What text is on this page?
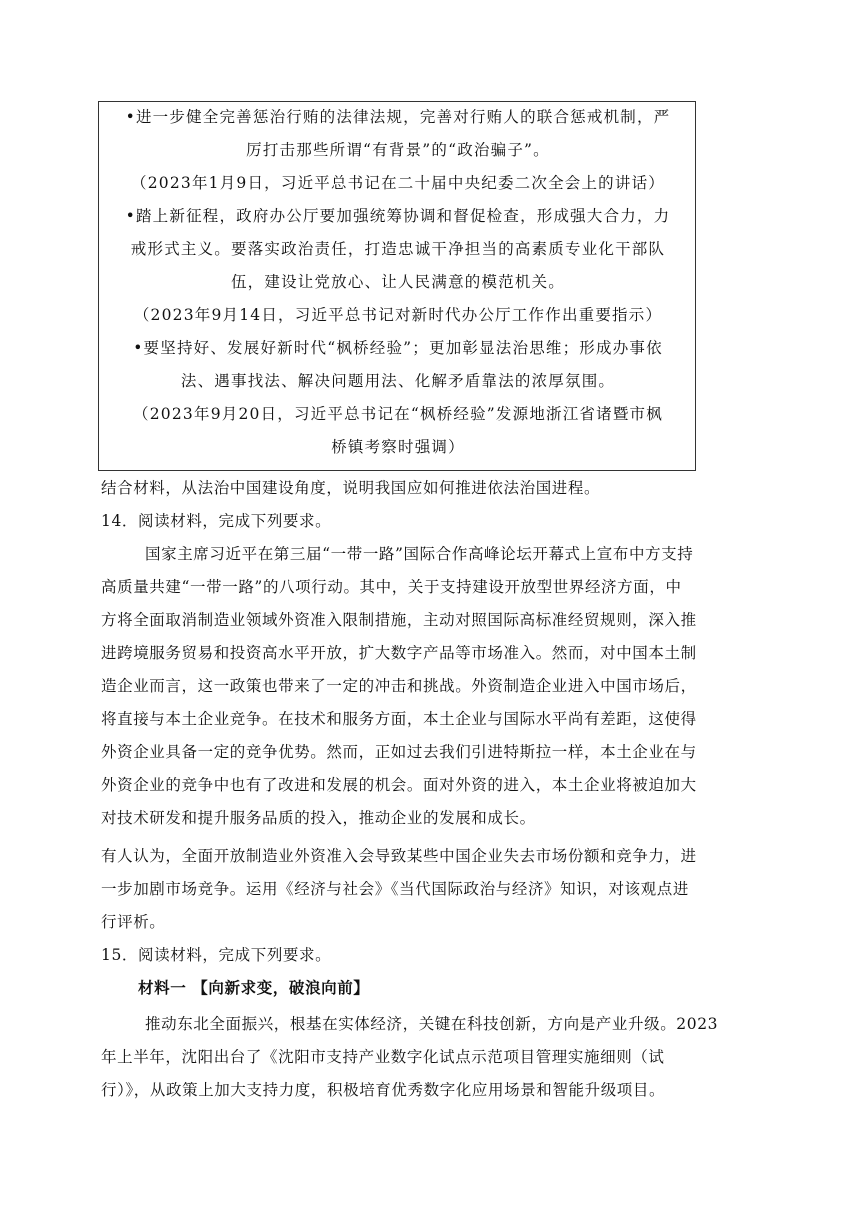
•进一步健全完善惩治行贿的法律法规，完善对行贿人的联合惩戒机制，严
厉打击那些所谓“有背景”的“政治骗子”。
（2023年1月9日，习近平总书记在二十届中央纪委二次全会上的讲话）
•踏上新征程，政府办公厅要加强统筹协调和督促检查，形成强大合力，力
戒形式主义。要落实政治责任，打造忠诚干净担当的高素质专业化干部队
伍，建设让党放心、让人民满意的模范机关。
（2023年9月14日，习近平总书记对新时代办公厅工作作出重要指示）
•要坚持好、发展好新时代“枫桥经验”；更加彰显法治思维；形成办事依
法、遇事找法、解决问题用法、化解矛盾靠法的浓厚氛围。
（2023年9月20日，习近平总书记在“枫桥经验”发源地浙江省诸暨市枫
桥镇考察时强调）
结合材料，从法治中国建设角度，说明我国应如何推进依法治国进程。
14．阅读材料，完成下列要求。
国家主席习近平在第三届“一带一路”国际合作高峰论坛开幕式上宣布中方支持
高质量共建“一带一路”的八项行动。其中，关于支持建设开放型世界经济方面，中
方将全面取消制造业领域外资准入限制措施，主动对照国际高标准经贸规则，深入推
进跨境服务贸易和投资高水平开放，扩大数字产品等市场准入。然而，对中国本土制
造企业而言，这一政策也带来了一定的冲击和挑战。外资制造企业进入中国市场后，
将直接与本土企业竞争。在技术和服务方面，本土企业与国际水平尚有差距，这使得
外资企业具备一定的竞争优势。然而，正如过去我们引进特斯拉一样，本土企业在与
外资企业的竞争中也有了改进和发展的机会。面对外资的进入，本土企业将被迫加大
对技术研发和提升服务品质的投入，推动企业的发展和成长。
有人认为，全面开放制造业外资准入会导致某些中国企业失去市场份额和竞争力，进
一步加剧市场竞争。运用《经济与社会》《当代国际政治与经济》知识，对该观点进
行评析。
15．阅读材料，完成下列要求。
材料一 【向新求变，破浪向前】
推动东北全面振兴，根基在实体经济，关键在科技创新，方向是产业升级。2023
年上半年，沈阳出台了《沈阳市支持产业数字化试点示范项目管理实施细则（试
行）》，从政策上加大支持力度，积极培育优秀数字化应用场景和智能升级项目。
